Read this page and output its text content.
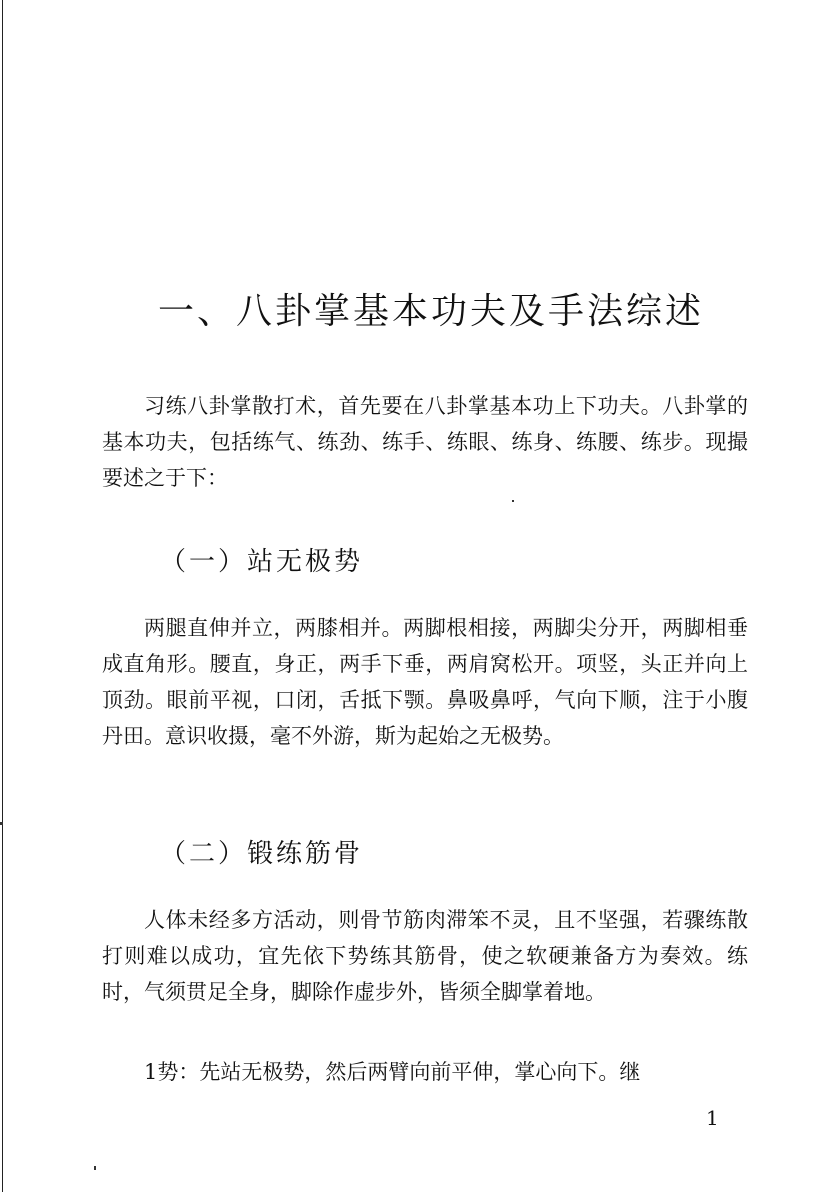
一、八卦掌基本功夫及手法综述
习练八卦掌散打术，首先要在八卦掌基本功上下功夫。八卦掌的基本功夫，包括练气、练劲、练手、练眼、练身、练腰、练步。现撮要述之于下：
（一）站无极势
两腿直伸并立，两膝相并。两脚根相接，两脚尖分开，两脚相垂成直角形。腰直，身正，两手下垂，两肩窝松开。项竖，头正并向上顶劲。眼前平视，口闭，舌抵下颚。鼻吸鼻呼，气向下顺，注于小腹丹田。意识收摄，毫不外游，斯为起始之无极势。
（二）锻练筋骨
人体未经多方活动，则骨节筋肉滞笨不灵，且不坚强，若骤练散打则难以成功，宜先依下势练其筋骨，使之软硬兼备方为奏效。练时，气须贯足全身，脚除作虚步外，皆须全脚掌着地。
1势：先站无极势，然后两臂向前平伸，掌心向下。继
1
